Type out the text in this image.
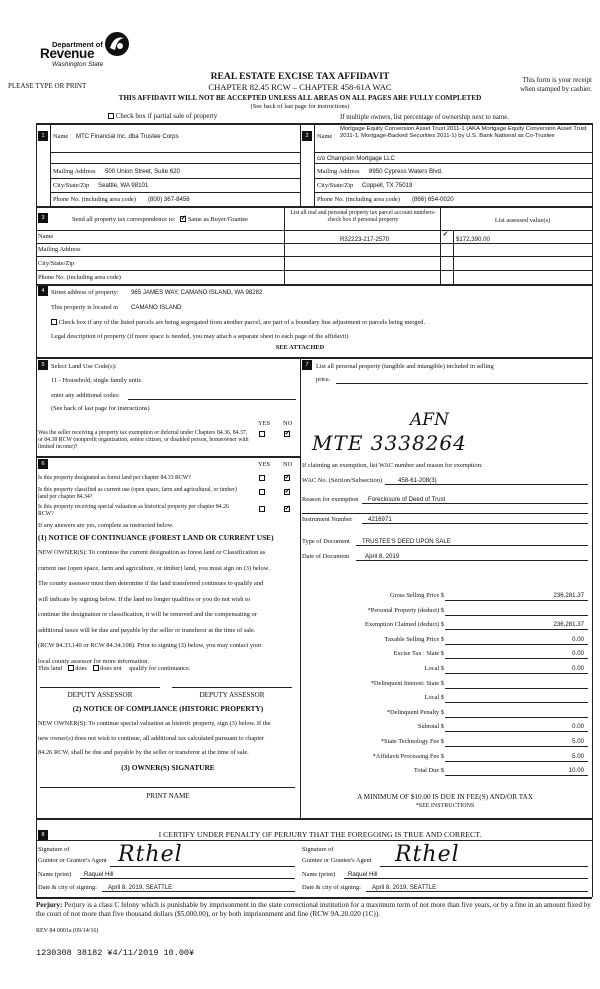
Department of
Revenue
Washington State
PLEASE TYPE OR PRINT
REAL ESTATE EXCISE TAX AFFIDAVIT
CHAPTER 82.45 RCW – CHAPTER 458-61A WAC
THIS AFFIDAVIT WILL NOT BE ACCEPTED UNLESS ALL AREAS ON ALL PAGES ARE FULLY COMPLETED
(See back of last page for instructions)
This form is your receipt
when stamped by cashier.
Check box if partial sale of property	If multiple owners, list percentage of ownership next to name.
1	Name MTC Financial Inc. dba Trustee Corps
Mailing Address 500 Union Street, Suite 620
City/State/Zip Seattle, WA 98101
Phone No. (including area code) (800) 367-8456
2	Name
Mortgage Equity Conversion Asset Trust 2011-1 (AKA Mortgage Equity Conversion Asset Trust 2011-1, Mortgage-Backed Securities 2011-1) by U.S. Bank National as Co-Trustee
c/o Champion Mortgage LLC
Mailing Address 8950 Cypress Waters Blvd.
City/State/Zip Coppell, TX 75019
Phone No. (including area code) (866) 654-0020
3	Send all property tax correspondence to: ✓ Same as Buyer/Grantee
List all real and personal property tax parcel account numbers-check box if personal property	List assessed value(s)
Name	R32223-217-2570 ✓	$172,390.00
Mailing Address
City/State/Zip
Phone No. (including area code)
4	Street address of property: 965 JAMES WAY, CAMANO ISLAND, WA 98282
This property is located in CAMANO ISLAND
Check box if any of the listed parcels are being segregated from another parcel, are part of a boundary line adjustment or parcels being merged.
Legal description of property (if more space is needed, you may attach a separate sheet to each page of the affidavit)
SEE ATTACHED
5	Select Land Use Code(s):
11 - Household, single family units
enter any additional codes:
(See back of last page for instructions)
YES NO
Was the seller receiving a property tax exemption or deferral under Chapters 84.36, 84.37, or 84.38 RCW (nonprofit organization, senior citizen, or disabled person, homeowner with limited income)?
✓
6	YES NO
Is this property designated as forest land per chapter 84.33 RCW?
✓
Is this property classified as current use (open space, farm and agricultural, or timber) land per chapter 84.34?
✓
Is this property receiving special valuation as historical property per chapter 84.26 RCW?
✓
If any answers are yes, complete as instructed below.
(1) NOTICE OF CONTINUANCE (FOREST LAND OR CURRENT USE)
NEW OWNER(S): To continue the current designation as forest land or Classification as
current use (open space, farm and agriculture, or timber) land, you must sign on (3) below.
The county assessor must then determine if the land transferred continues to qualify and
will indicate by signing below. If the land no longer qualifies or you do not wish to
continue the designation or classification, it will be removed and the compensating or
additional taxes will be due and payable by the seller or transferor at the time of sale.
(RCW 84.33.140 or RCW 84.34.108). Prior to signing (3) below, you may contact your
local county assessor for more information.
This land does does not qualify for continuance.
DEPUTY ASSESSOR	DEPUTY ASSESSOR
(2) NOTICE OF COMPLIANCE (HISTORIC PROPERTY)
NEW OWNER(S): To continue special valuation as historic property, sign (3) below. If the
new owner(s) does not wish to continue, all additional tax calculated pursuant to chapter
84.26 RCW, shall be due and payable by the seller or transferor at the time of sale.
(3) OWNER(S) SIGNATURE
PRINT NAME
7	List all personal property (tangible and intangible) included in selling
price.
AFN
MTE 3338264
If claiming an exemption, list WAC number and reason for exemption:
WAC No. (Section/Subsection)	458-61-208(3)
Reason for exemption Foreclosure of Deed of Trust
Instrument Number	4216971
Type of Document TRUSTEE'S DEED UPON SALE
Date of Document	April 8, 2019
Gross Selling Price $	236,281.37
*Personal Property (deduct) $
Exemption Claimed (deduct) $	236,281.37
Taxable Selling Price $	0.00
Excise Tax : State $	0.00
Local $	0.00
*Delinquent Interest: State $
Local $
*Delinquent Penalty $
Subtotal $	0.00
*State Technology Fee $	5.00
*Affidavit Processing Fee $	5.00
Total Due $	10.00
A MINIMUM OF $10.00 IS DUE IN FEE(S) AND/OR TAX
*SEE INSTRUCTIONS
8	I CERTIFY UNDER PENALTY OF PERJURY THAT THE FOREGOING IS TRUE AND CORRECT.
Signature of
Grantor or Grantor's Agent Rthel
Name (print) Raquel Hill
Date & city of signing: April 8, 2019, SEATTLE
Signature of
Grantee or Grantee's Agent Rthel
Name (print) Raquel Hill
Date & city of signing: April 8, 2019, SEATTLE
Perjury: Perjury is a class C felony which is punishable by imprisonment in the state correctional institution for a maximum term of not more than five years, or by a fine in an amount fixed by the court of not more than five thousand dollars ($5,000.00), or by both imprisonment and fine (RCW 9A.20.020 (1C)).
REV 84 0001a (09/14/16)
1230308 38182 ¥4/11/2019 10.00¥
